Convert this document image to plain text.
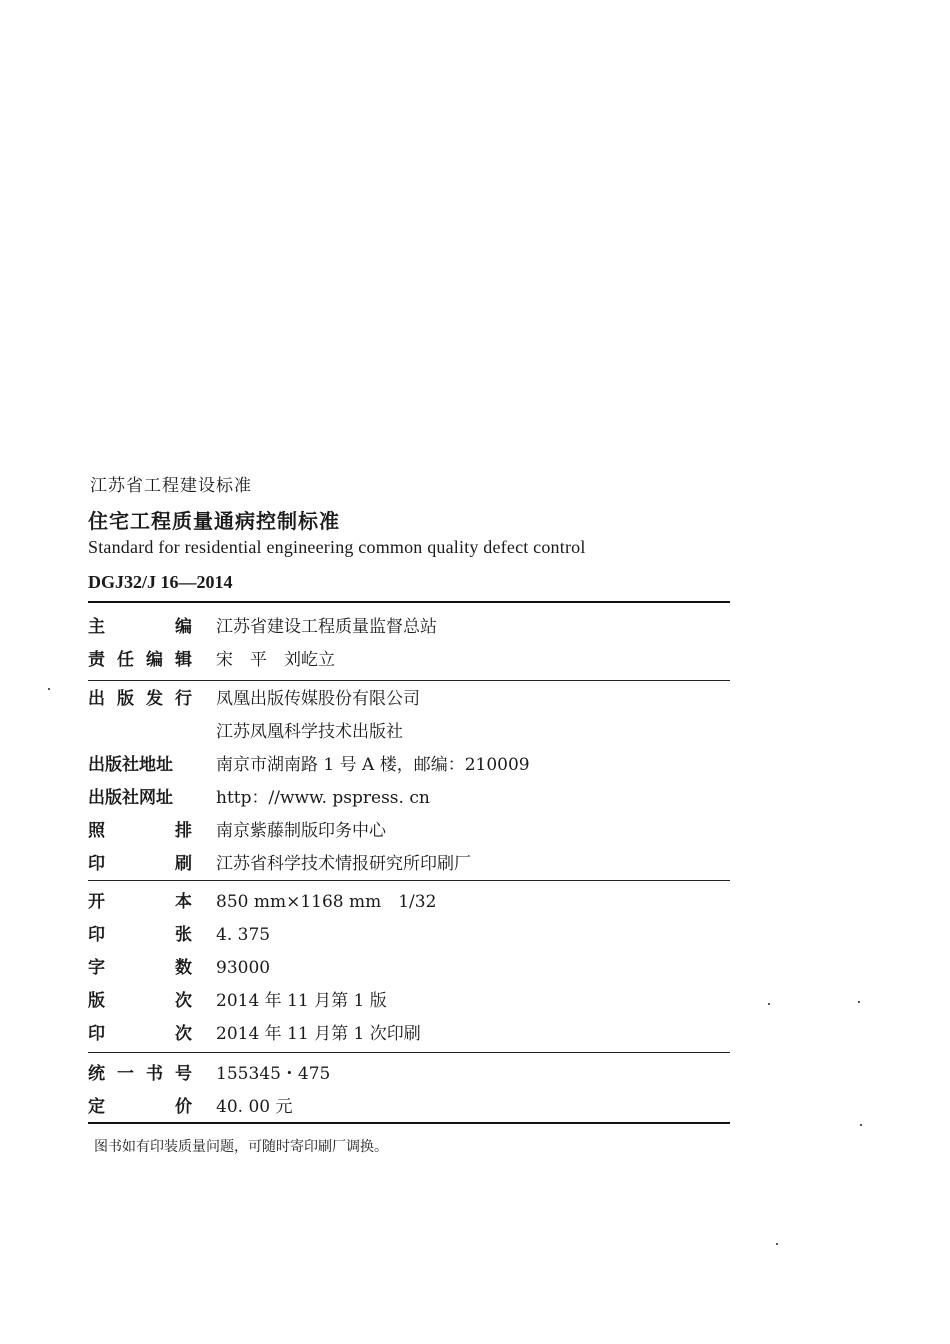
江苏省工程建设标准
住宅工程质量通病控制标准
Standard for residential engineering common quality defect control
DGJ32/J 16—2014
主	编 江苏省建设工程质量监督总站
责 任 编 辑 宋　平　刘屹立
出 版 发 行 凤凰出版传媒股份有限公司
江苏凤凰科学技术出版社
出版社地址	南京市湖南路 1 号 A 楼，邮编：210009
出版社网址	http：//www. pspress. cn
照	排 南京紫藤制版印务中心
印	刷 江苏省科学技术情报研究所印刷厂
开	本 850 mm×1168 mm　1/32
印	张 4. 375
字	数 93000
版	次 2014 年 11 月第 1 版
印	次 2014 年 11 月第 1 次印刷
统 一 书 号 155345・475
定	价 40. 00 元
图书如有印装质量问题，可随时寄印刷厂调换。
